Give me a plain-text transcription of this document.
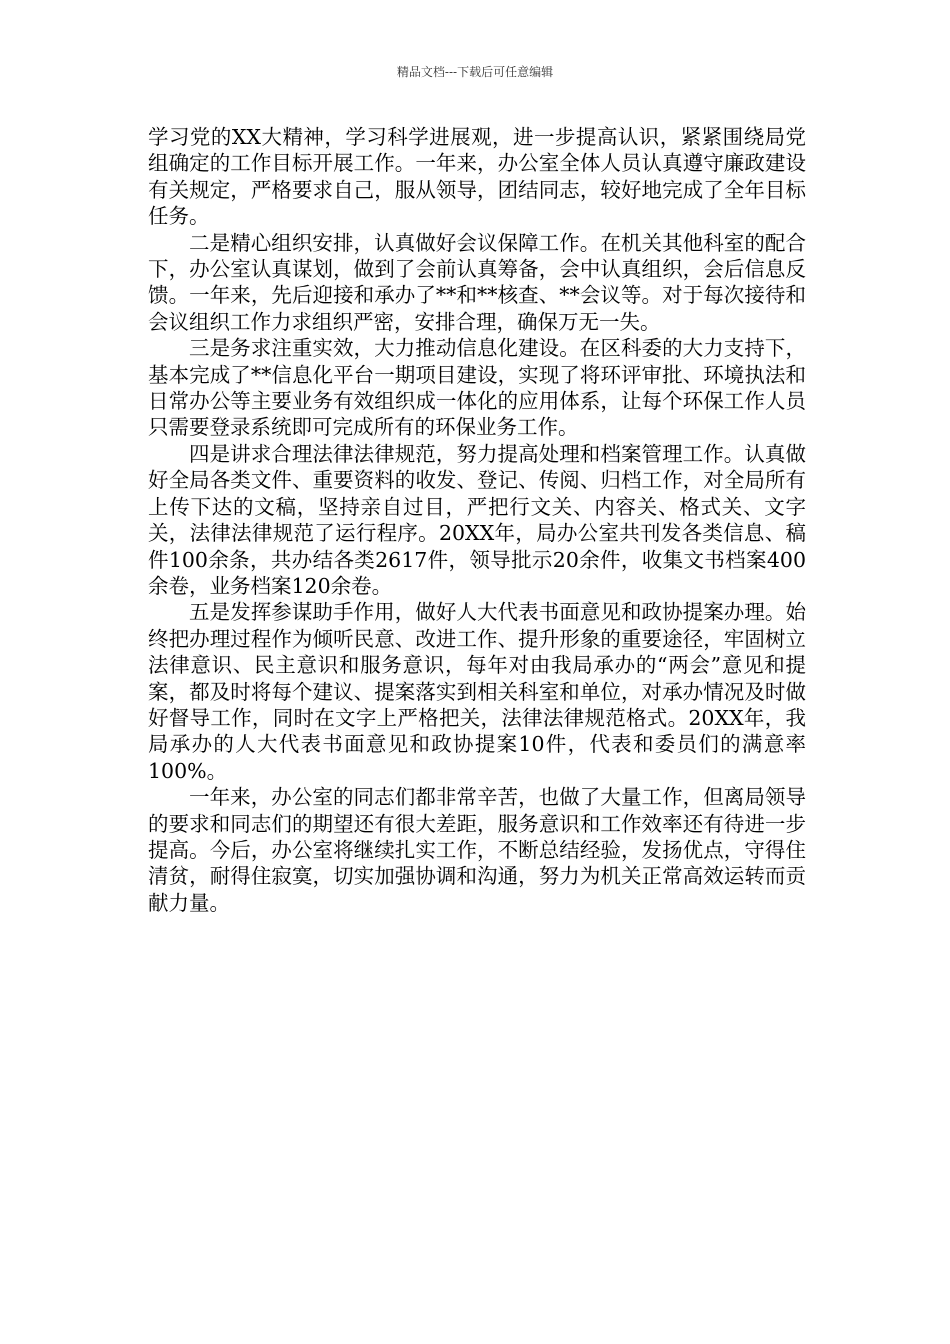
精品文档---下载后可任意编辑

学习党的XX大精神，学习科学进展观，进一步提高认识，紧紧围绕局党组确定的工作目标开展工作。一年来，办公室全体人员认真遵守廉政建设有关规定，严格要求自己，服从领导，团结同志，较好地完成了全年目标任务。

二是精心组织安排，认真做好会议保障工作。在机关其他科室的配合下，办公室认真谋划，做到了会前认真筹备，会中认真组织，会后信息反馈。一年来，先后迎接和承办了**和**核查、**会议等。对于每次接待和会议组织工作力求组织严密，安排合理，确保万无一失。

三是务求注重实效，大力推动信息化建设。在区科委的大力支持下，基本完成了**信息化平台一期项目建设，实现了将环评审批、环境执法和日常办公等主要业务有效组织成一体化的应用体系，让每个环保工作人员只需要登录系统即可完成所有的环保业务工作。

四是讲求合理法律法律规范，努力提高处理和档案管理工作。认真做好全局各类文件、重要资料的收发、登记、传阅、归档工作，对全局所有上传下达的文稿，坚持亲自过目，严把行文关、内容关、格式关、文字关，法律法律规范了运行程序。20XX年，局办公室共刊发各类信息、稿件100余条，共办结各类2617件，领导批示20余件，收集文书档案400余卷，业务档案120余卷。

五是发挥参谋助手作用，做好人大代表书面意见和政协提案办理。始终把办理过程作为倾听民意、改进工作、提升形象的重要途径，牢固树立法律意识、民主意识和服务意识，每年对由我局承办的“两会”意见和提案，都及时将每个建议、提案落实到相关科室和单位，对承办情况及时做好督导工作，同时在文字上严格把关，法律法律规范格式。20XX年，我局承办的人大代表书面意见和政协提案10件，代表和委员们的满意率100%。

一年来，办公室的同志们都非常辛苦，也做了大量工作，但离局领导的要求和同志们的期望还有很大差距，服务意识和工作效率还有待进一步提高。今后，办公室将继续扎实工作，不断总结经验，发扬优点，守得住清贫，耐得住寂寞，切实加强协调和沟通，努力为机关正常高效运转而贡献力量。
